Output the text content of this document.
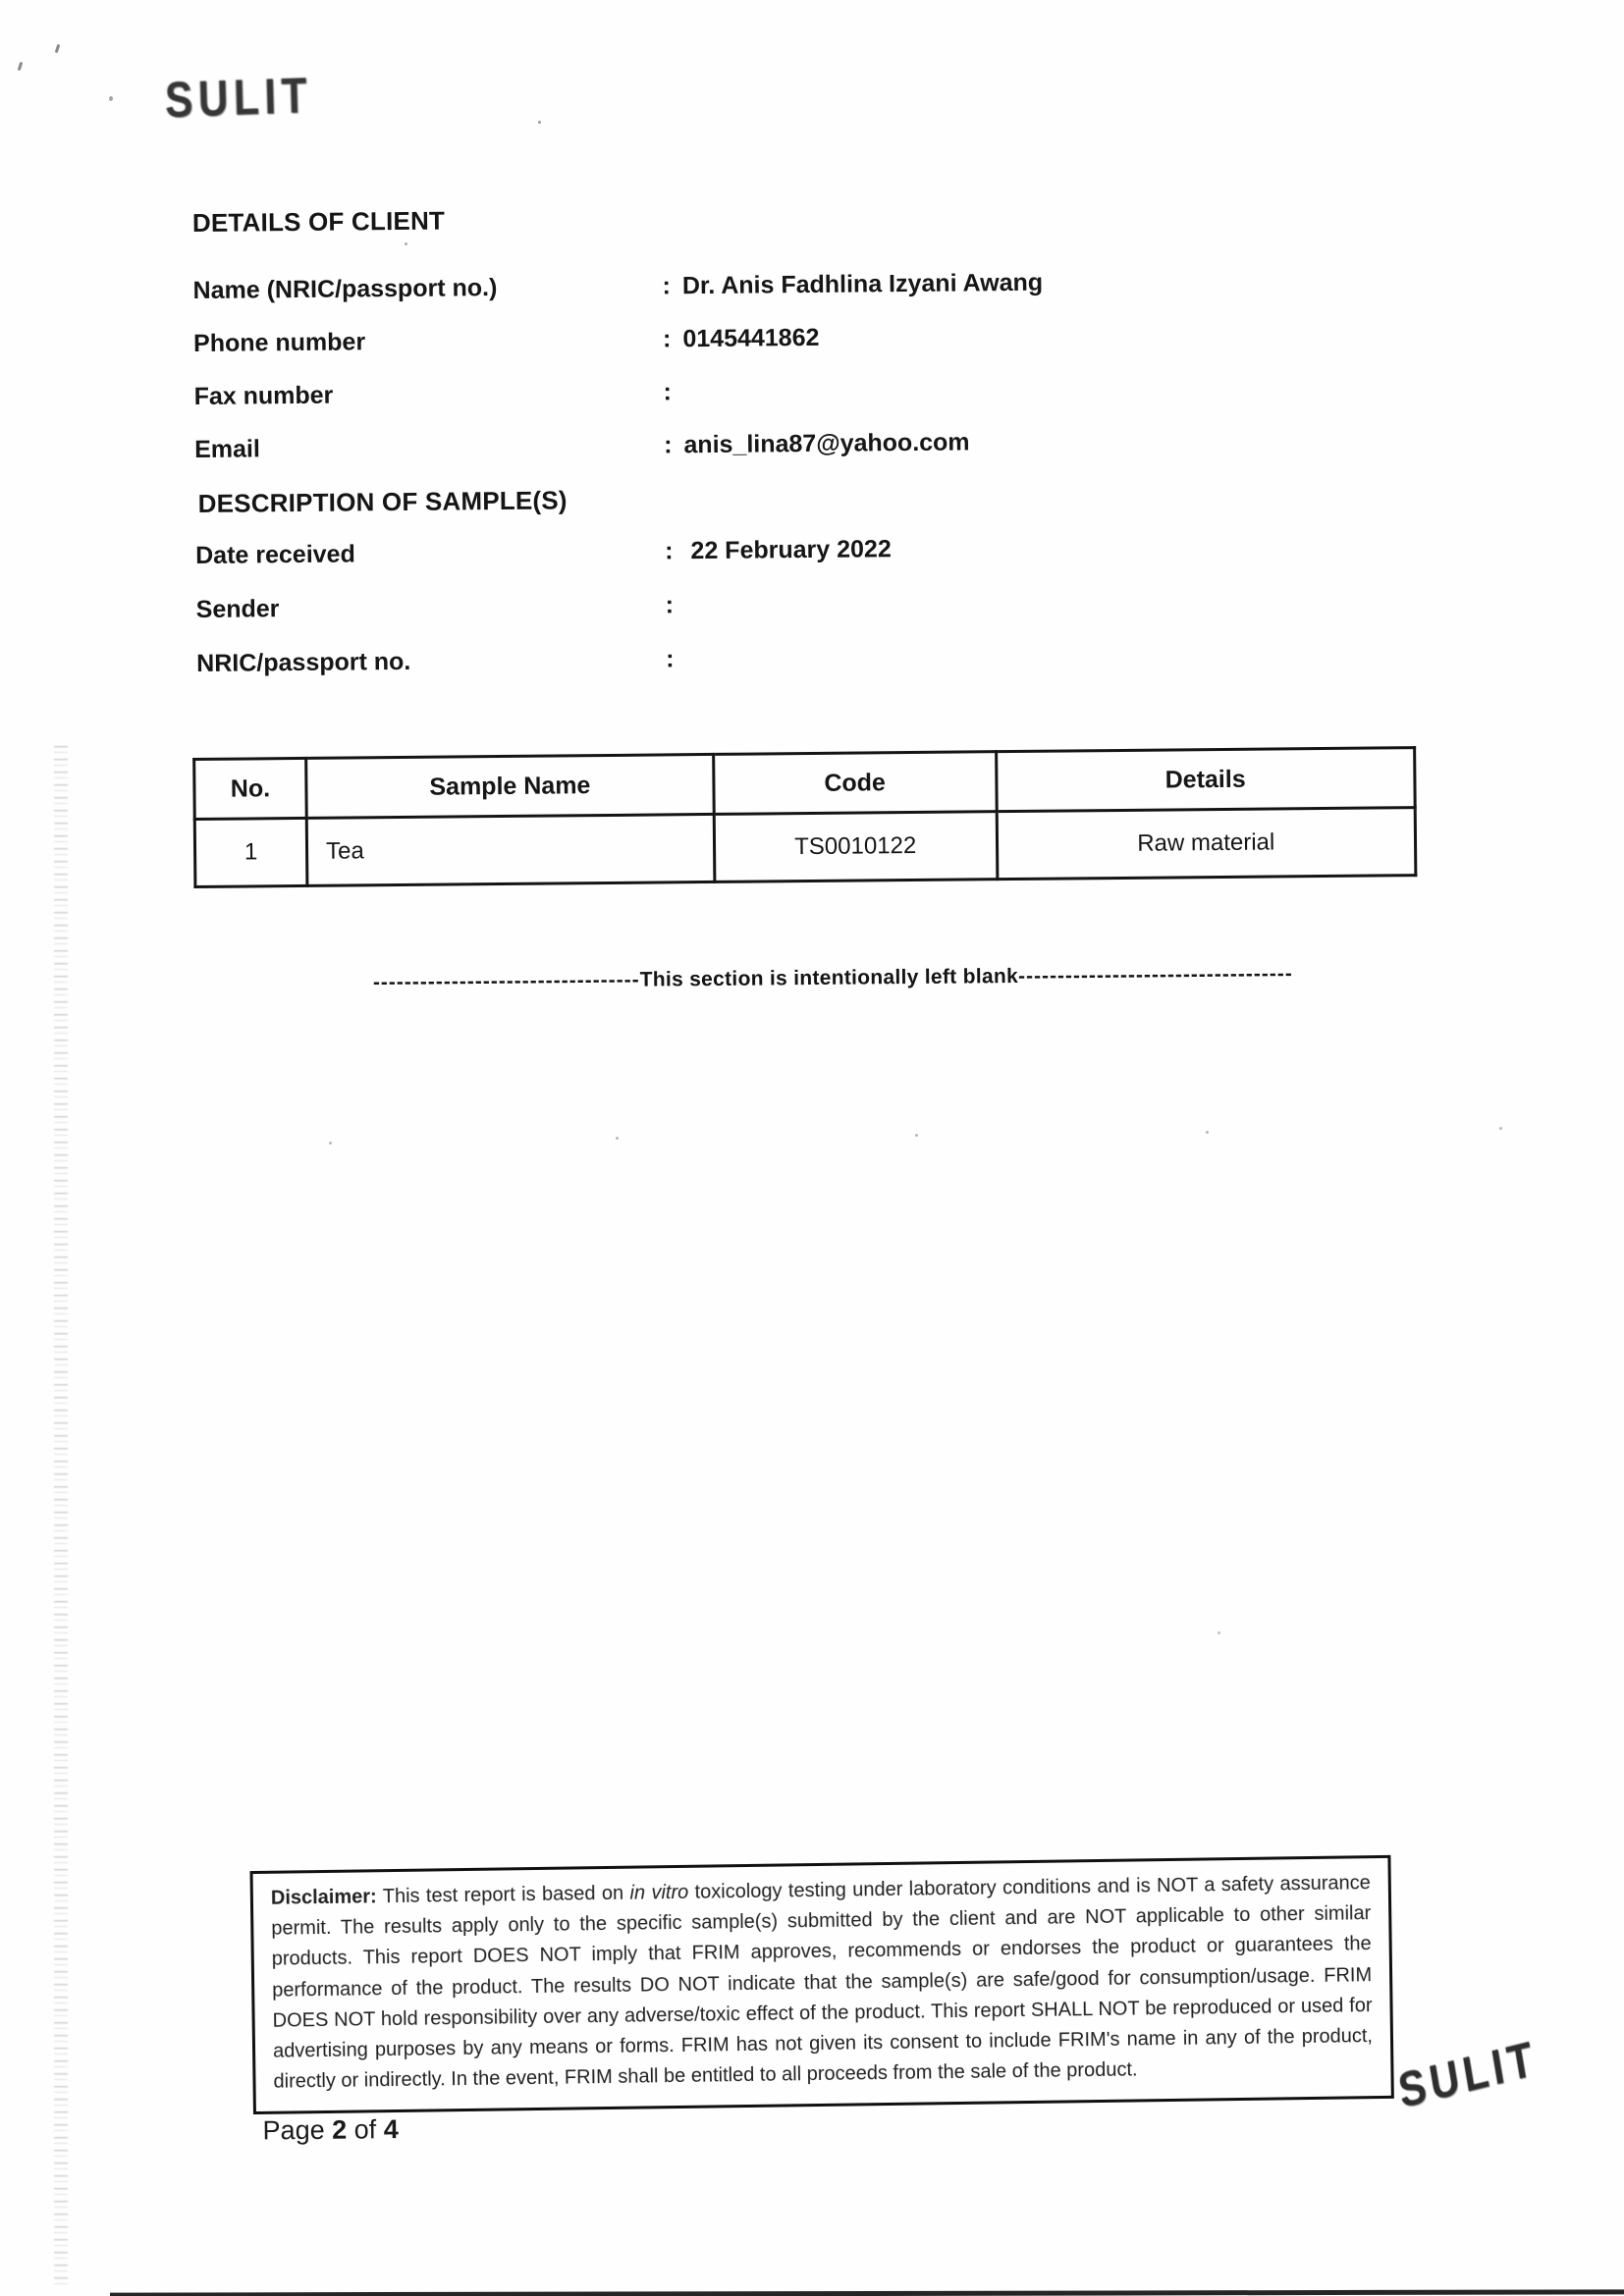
SULIT
DETAILS OF CLIENT
Name (NRIC/passport no.)	: Dr. Anis Fadhlina Izyani Awang
Phone number	: 0145441862
Fax number	:
Email	: anis_lina87@yahoo.com
DESCRIPTION OF SAMPLE(S)
Date received	: 22 February 2022
Sender	:
NRIC/passport no.	:
No.	Sample Name	Code	Details
1	Tea	TS0010122	Raw material
----------------------------------This section is intentionally left blank-----------------------------------
Disclaimer: This test report is based on in vitro toxicology testing under laboratory conditions and is NOT a safety assurance permit. The results apply only to the specific sample(s) submitted by the client and are NOT applicable to other similar products. This report DOES NOT imply that FRIM approves, recommends or endorses the product or guarantees the performance of the product. The results DO NOT indicate that the sample(s) are safe/good for consumption/usage. FRIM DOES NOT hold responsibility over any adverse/toxic effect of the product. This report SHALL NOT be reproduced or used for advertising purposes by any means or forms. FRIM has not given its consent to include FRIM's name in any of the product, directly or indirectly. In the event, FRIM shall be entitled to all proceeds from the sale of the product.
Page 2 of 4
SULIT
